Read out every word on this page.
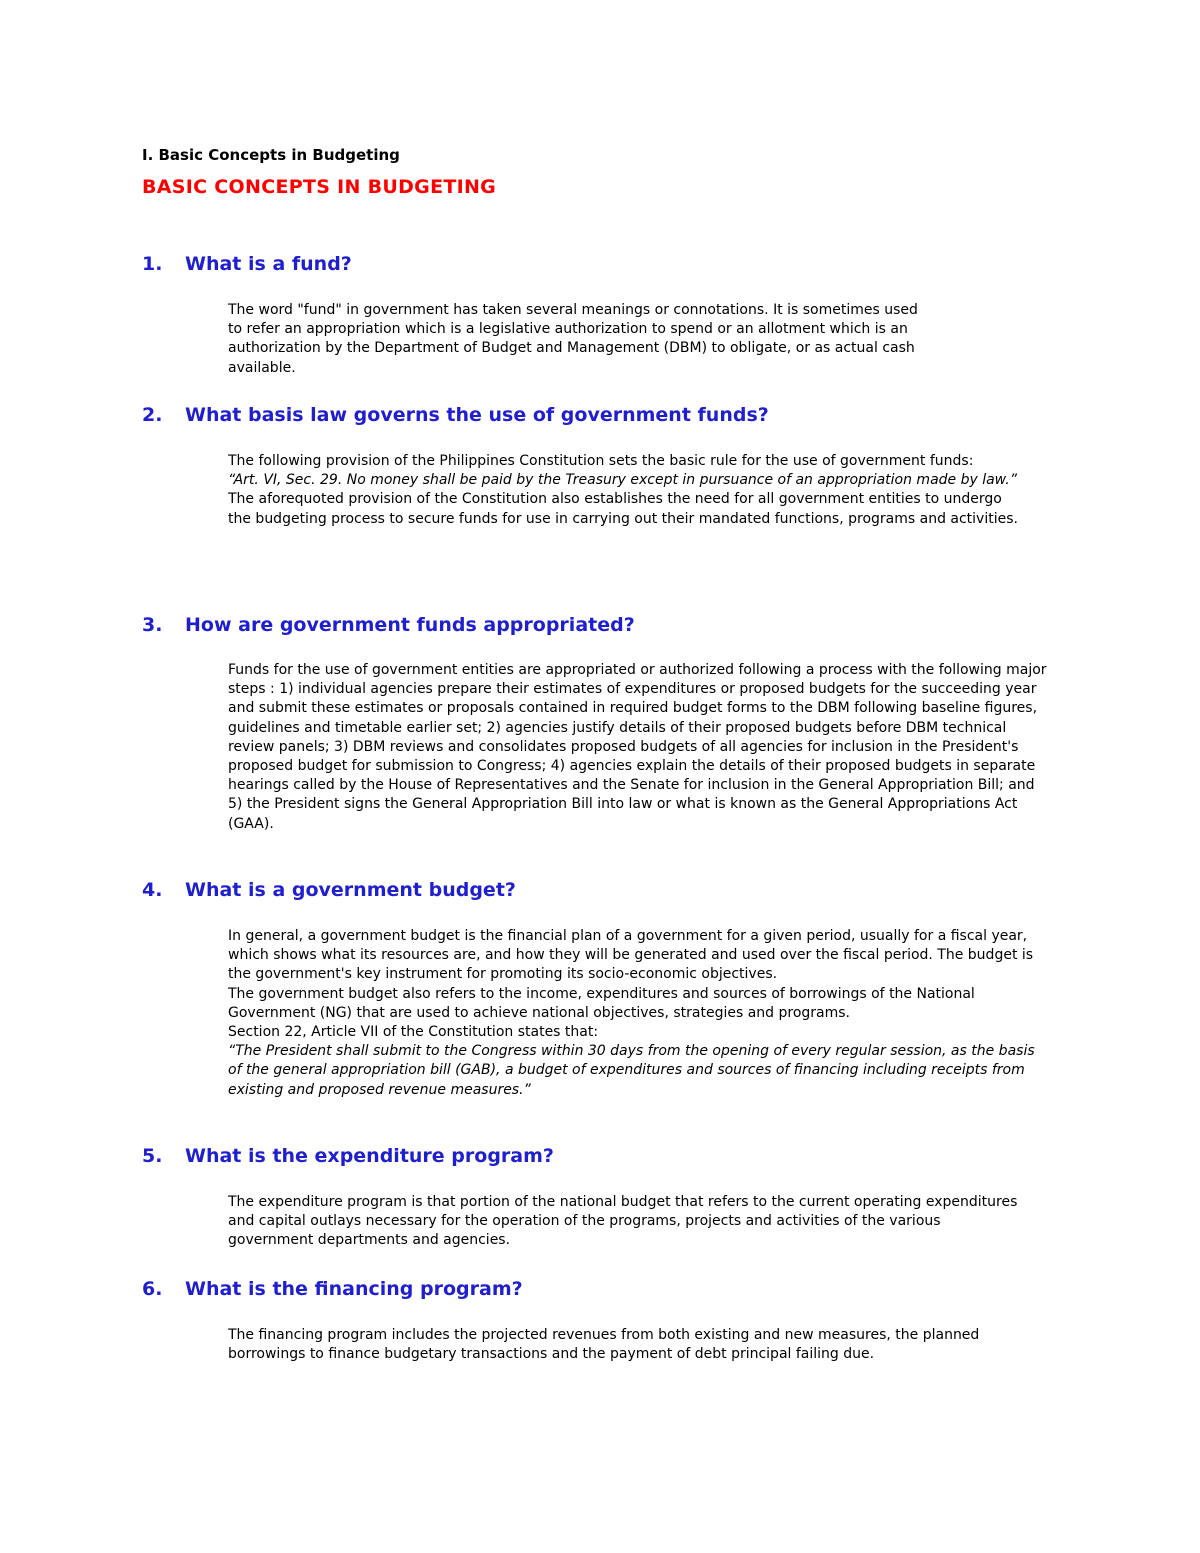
I. Basic Concepts in Budgeting
BASIC CONCEPTS IN BUDGETING
1. What is a fund?

The word "fund" in government has taken several meanings or connotations. It is sometimes used to refer an appropriation which is a legislative authorization to spend or an allotment which is an authorization by the Department of Budget and Management (DBM) to obligate, or as actual cash available.

2. What basis law governs the use of government funds?

The following provision of the Philippines Constitution sets the basic rule for the use of government funds:

“Art. VI, Sec. 29. No money shall be paid by the Treasury except in pursuance of an appropriation made by law.”

The aforequoted provision of the Constitution also establishes the need for all government entities to undergo the budgeting process to secure funds for use in carrying out their mandated functions, programs and activities.

3. How are government funds appropriated?

Funds for the use of government entities are appropriated or authorized following a process with the following major steps : 1) individual agencies prepare their estimates of expenditures or proposed budgets for the succeeding year and submit these estimates or proposals contained in required budget forms to the DBM following baseline figures, guidelines and timetable earlier set; 2) agencies justify details of their proposed budgets before DBM technical review panels; 3) DBM reviews and consolidates proposed budgets of all agencies for inclusion in the President's proposed budget for submission to Congress; 4) agencies explain the details of their proposed budgets in separate hearings called by the House of Representatives and the Senate for inclusion in the General Appropriation Bill; and 5) the President signs the General Appropriation Bill into law or what is known as the General Appropriations Act (GAA).

4. What is a government budget?

In general, a government budget is the financial plan of a government for a given period, usually for a fiscal year, which shows what its resources are, and how they will be generated and used over the fiscal period. The budget is the government's key instrument for promoting its socio-economic objectives.

The government budget also refers to the income, expenditures and sources of borrowings of the National Government (NG) that are used to achieve national objectives, strategies and programs.

Section 22, Article VII of the Constitution states that:

“The President shall submit to the Congress within 30 days from the opening of every regular session, as the basis of the general appropriation bill (GAB), a budget of expenditures and sources of financing including receipts from existing and proposed revenue measures.”

5. What is the expenditure program?

The expenditure program is that portion of the national budget that refers to the current operating expenditures and capital outlays necessary for the operation of the programs, projects and activities of the various government departments and agencies.

6. What is the financing program?

The financing program includes the projected revenues from both existing and new measures, the planned borrowings to finance budgetary transactions and the payment of debt principal failing due.
